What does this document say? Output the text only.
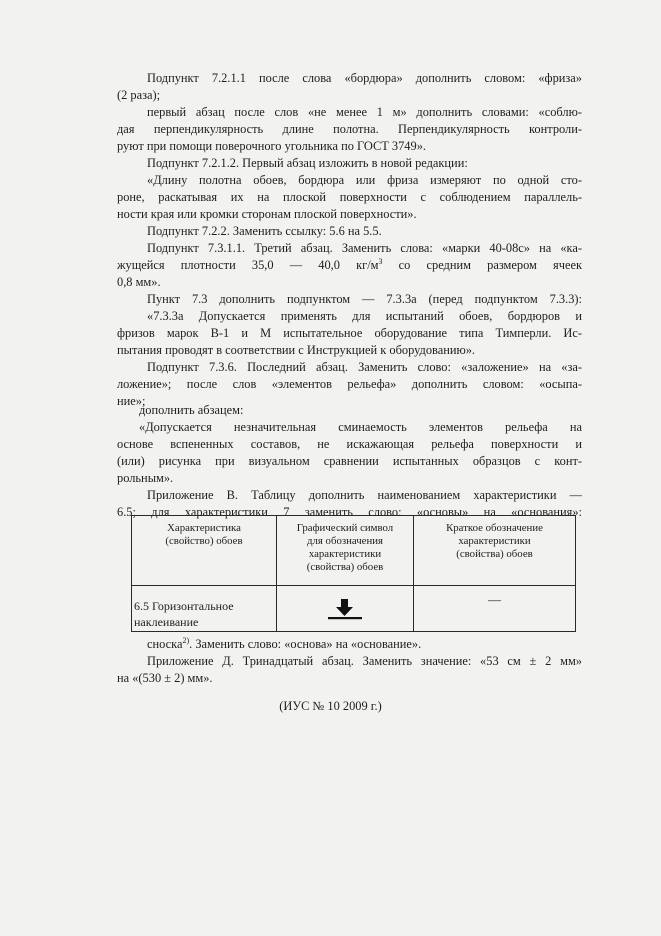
Подпункт 7.2.1.1 после слова «бордюра» дополнить словом: «фриза»
(2 раза);
первый абзац после слов «не менее 1 м» дополнить словами: «соблю-
дая перпендикулярность длине полотна. Перпендикулярность контроли-
руют при помощи поверочного угольника по ГОСТ 3749».
Подпункт 7.2.1.2. Первый абзац изложить в новой редакции:
«Длину полотна обоев, бордюра или фриза измеряют по одной сто-
роне, раскатывая их на плоской поверхности с соблюдением параллель-
ности края или кромки сторонам плоской поверхности».
Подпункт 7.2.2. Заменить ссылку: 5.6 на 5.5.
Подпункт 7.3.1.1. Третий абзац. Заменить слова: «марки 40-08с» на «ка-
жущейся плотности 35,0 — 40,0 $кг/м^3$ со средним размером ячеек
0,8 мм».
Пункт 7.3 дополнить подпунктом — 7.3.3а (перед подпунктом 7.3.3):
«7.3.3а Допускается применять для испытаний обоев, бордюров и
фризов марок В-1 и М испытательное оборудование типа Тимперли. Ис-
пытания проводят в соответствии с Инструкцией к оборудованию».
Подпункт 7.3.6. Последний абзац. Заменить слово: «заложение» на «за-
ложение»; после слов «элементов рельефа» дополнить словом: «осыпа-
ние»;
дополнить абзацем:
«Допускается незначительная сминаемость элементов рельефа на
основе вспененных составов, не искажающая рельефа поверхности и
(или) рисунка при визуальном сравнении испытанных образцов с конт-
рольным».
Приложение В. Таблицу дополнить наименованием характеристики —
6.5; для характеристики 7 заменить слово: «основы» на «основания»:
Характеристика
(свойство) обоев	Графический символ
для обозначения
характеристики
(свойства) обоев	Краткое обозначение
характеристики
(свойства) обоев

6.5 Горизонтальное наклеивание		—
сноска$^{2)}$. Заменить слово: «основа» на «основание».
Приложение Д. Тринадцатый абзац. Заменить значение: «53 см ± 2 мм»
на «(530 ± 2) мм».
(ИУС № 10 2009 г.)
